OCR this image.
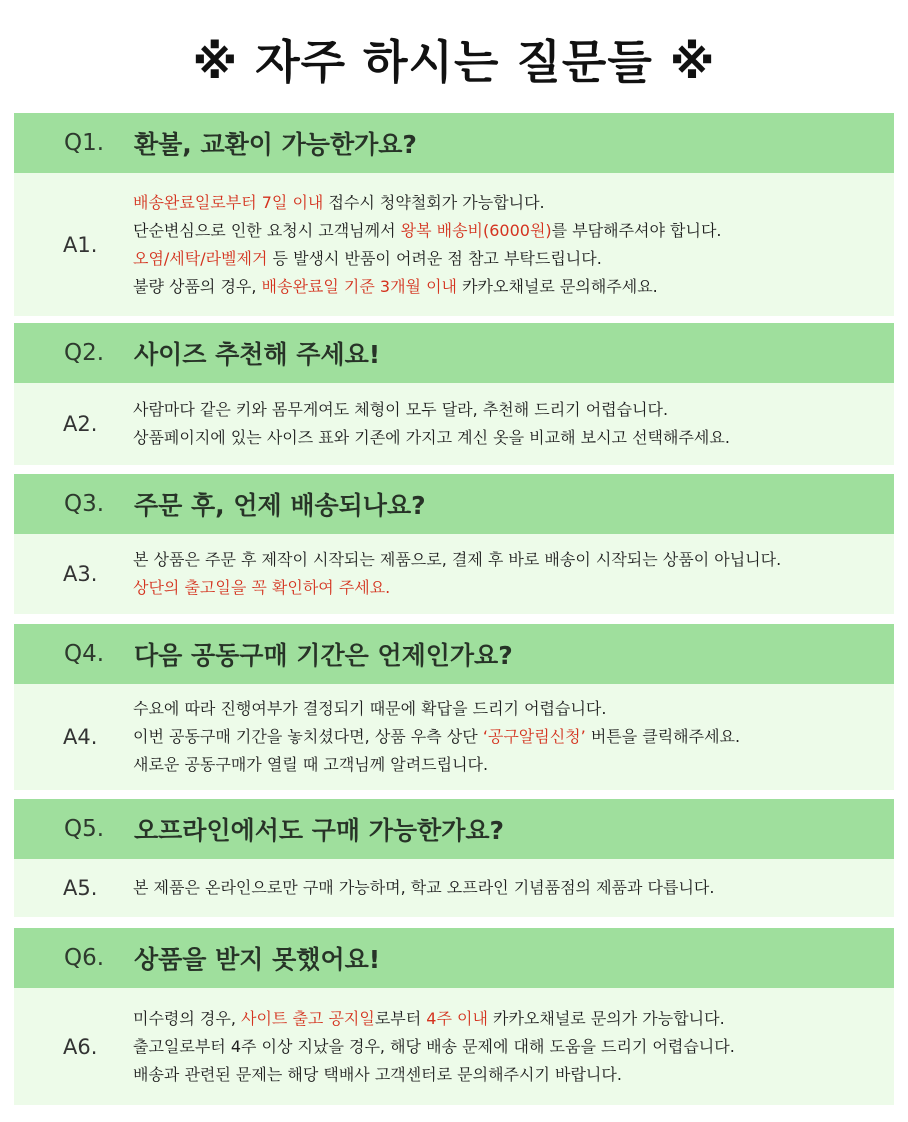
※ 자주 하시는 질문들 ※
Q1.	환불, 교환이 가능한가요?
A1.
배송완료일로부터 7일 이내 접수시 청약철회가 가능합니다.
단순변심으로 인한 요청시 고객님께서 왕복 배송비(6000원)를 부담해주셔야 합니다.
오염/세탁/라벨제거 등 발생시 반품이 어려운 점 참고 부탁드립니다.
불량 상품의 경우, 배송완료일 기준 3개월 이내 카카오채널로 문의해주세요.
Q2.	사이즈 추천해 주세요!
A2.
사람마다 같은 키와 몸무게여도 체형이 모두 달라, 추천해 드리기 어렵습니다.
상품페이지에 있는 사이즈 표와 기존에 가지고 계신 옷을 비교해 보시고 선택해주세요.
Q3.	주문 후, 언제 배송되나요?
A3.
본 상품은 주문 후 제작이 시작되는 제품으로, 결제 후 바로 배송이 시작되는 상품이 아닙니다.
상단의 출고일을 꼭 확인하여 주세요.
Q4.	다음 공동구매 기간은 언제인가요?
A4.
수요에 따라 진행여부가 결정되기 때문에 확답을 드리기 어렵습니다.
이번 공동구매 기간을 놓치셨다면, 상품 우측 상단 ‘공구알림신청’ 버튼을 클릭해주세요.
새로운 공동구매가 열릴 때 고객님께 알려드립니다.
Q5.	오프라인에서도 구매 가능한가요?
A5.	본 제품은 온라인으로만 구매 가능하며, 학교 오프라인 기념품점의 제품과 다릅니다.
Q6.	상품을 받지 못했어요!
A6.
미수령의 경우, 사이트 출고 공지일로부터 4주 이내 카카오채널로 문의가 가능합니다.
출고일로부터 4주 이상 지났을 경우, 해당 배송 문제에 대해 도움을 드리기 어렵습니다.
배송과 관련된 문제는 해당 택배사 고객센터로 문의해주시기 바랍니다.
